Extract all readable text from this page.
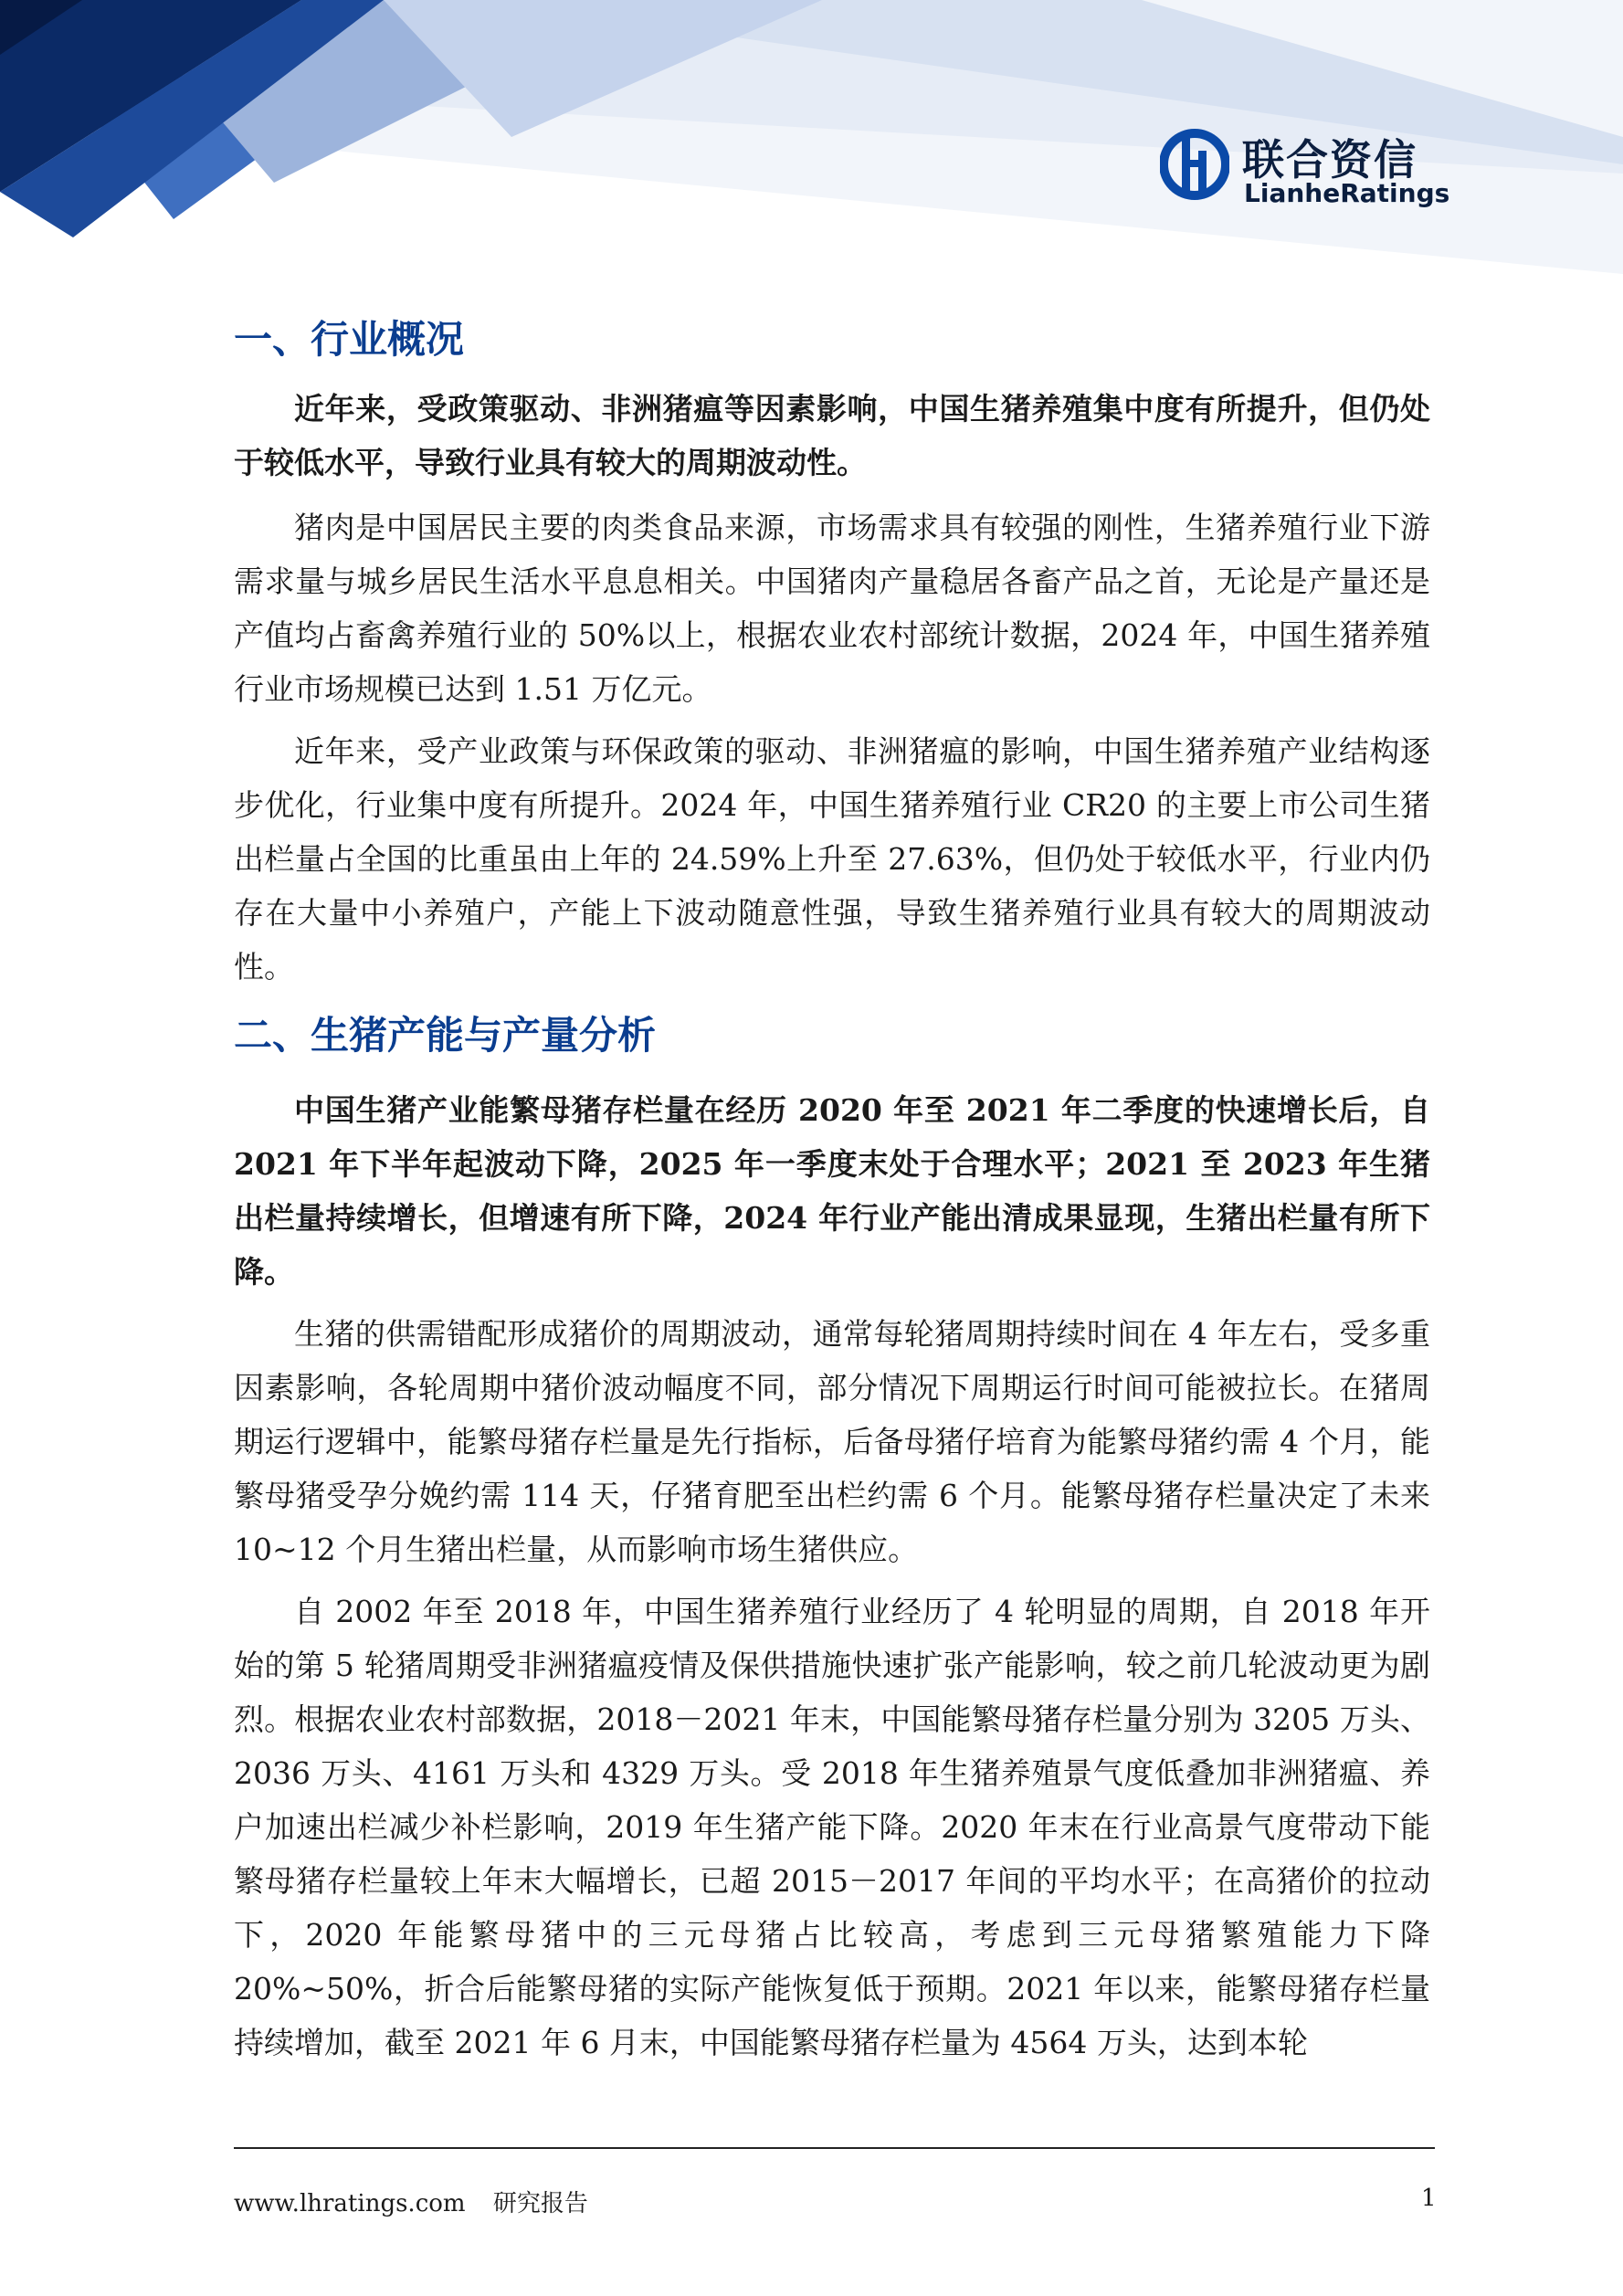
联合资信
LianheRatings
一、行业概况

近年来，受政策驱动、非洲猪瘟等因素影响，中国生猪养殖集中度有所提升，但仍处于较低水平，导致行业具有较大的周期波动性。

猪肉是中国居民主要的肉类食品来源，市场需求具有较强的刚性，生猪养殖行业下游需求量与城乡居民生活水平息息相关。中国猪肉产量稳居各畜产品之首，无论是产量还是产值均占畜禽养殖行业的 50%以上，根据农业农村部统计数据，2024 年，中国生猪养殖行业市场规模已达到 1.51 万亿元。

近年来，受产业政策与环保政策的驱动、非洲猪瘟的影响，中国生猪养殖产业结构逐步优化，行业集中度有所提升。2024 年，中国生猪养殖行业 CR20 的主要上市公司生猪出栏量占全国的比重虽由上年的 24.59%上升至 27.63%，但仍处于较低水平，行业内仍存在大量中小养殖户，产能上下波动随意性强，导致生猪养殖行业具有较大的周期波动性。

二、生猪产能与产量分析

中国生猪产业能繁母猪存栏量在经历 2020 年至 2021 年二季度的快速增长后，自 2021 年下半年起波动下降，2025 年一季度末处于合理水平；2021 至 2023 年生猪出栏量持续增长，但增速有所下降，2024 年行业产能出清成果显现，生猪出栏量有所下降。

生猪的供需错配形成猪价的周期波动，通常每轮猪周期持续时间在 4 年左右，受多重因素影响，各轮周期中猪价波动幅度不同，部分情况下周期运行时间可能被拉长。在猪周期运行逻辑中，能繁母猪存栏量是先行指标，后备母猪仔培育为能繁母猪约需 4 个月，能繁母猪受孕分娩约需 114 天，仔猪育肥至出栏约需 6 个月。能繁母猪存栏量决定了未来 10~12 个月生猪出栏量，从而影响市场生猪供应。

自 2002 年至 2018 年，中国生猪养殖行业经历了 4 轮明显的周期，自 2018 年开始的第 5 轮猪周期受非洲猪瘟疫情及保供措施快速扩张产能影响，较之前几轮波动更为剧烈。根据农业农村部数据，2018－2021 年末，中国能繁母猪存栏量分别为 3205 万头、2036 万头、4161 万头和 4329 万头。受 2018 年生猪养殖景气度低叠加非洲猪瘟、养户加速出栏减少补栏影响，2019 年生猪产能下降。2020 年末在行业高景气度带动下能繁母猪存栏量较上年末大幅增长，已超 2015－2017 年间的平均水平；在高猪价的拉动下，2020 年能繁母猪中的三元母猪占比较高，考虑到三元母猪繁殖能力下降 20%~50%，折合后能繁母猪的实际产能恢复低于预期。2021 年以来，能繁母猪存栏量持续增加，截至 2021 年 6 月末，中国能繁母猪存栏量为 4564 万头，达到本轮

www.lhratings.com 研究报告	1
